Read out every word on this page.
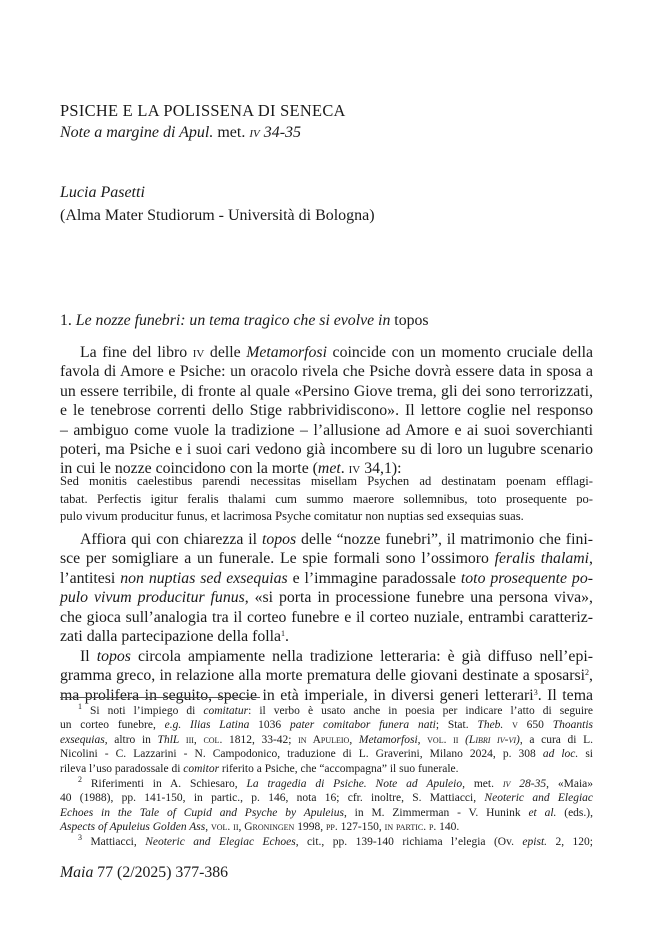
PSICHE E LA POLISSENA DI SENECA
Note a margine di Apul. met. iv 34-35
Lucia Pasetti
(Alma Mater Studiorum - Università di Bologna)
1. Le nozze funebri: un tema tragico che si evolve in topos
La fine del libro iv delle Metamorfosi coincide con un momento cruciale della
favola di Amore e Psiche: un oracolo rivela che Psiche dovrà essere data in sposa a
un essere terribile, di fronte al quale «Persino Giove trema, gli dei sono terrorizzati,
e le tenebrose correnti dello Stige rabbrividiscono». Il lettore coglie nel responso
– ambiguo come vuole la tradizione – l’allusione ad Amore e ai suoi soverchianti
poteri, ma Psiche e i suoi cari vedono già incombere su di loro un lugubre scenario
in cui le nozze coincidono con la morte (met. iv 34,1):
Sed monitis caelestibus parendi necessitas misellam Psychen ad destinatam poenam efflagi-
tabat. Perfectis igitur feralis thalami cum summo maerore sollemnibus, toto prosequente po-
pulo vivum producitur funus, et lacrimosa Psyche comitatur non nuptias sed exsequias suas.
Affiora qui con chiarezza il topos delle “nozze funebri”, il matrimonio che fini-
sce per somigliare a un funerale. Le spie formali sono l’ossimoro feralis thalami,
l’antitesi non nuptias sed exsequias e l’immagine paradossale toto prosequente po-
pulo vivum producitur funus, «si porta in processione funebre una persona viva»,
che gioca sull’analogia tra il corteo funebre e il corteo nuziale, entrambi caratteriz-
zati dalla partecipazione della folla$^1$.
Il topos circola ampiamente nella tradizione letteraria: è già diffuso nell’epi-
gramma greco, in relazione alla morte prematura delle giovani destinate a sposarsi$^2$,
ma prolifera in seguito, specie in età imperiale, in diversi generi letterari$^3$. Il tema
$^1$ Si noti l’impiego di comitatur: il verbo è usato anche in poesia per indicare l’atto di seguire
un corteo funebre, e.g. Ilias Latina 1036 pater comitabor funera nati; Stat. Theb. v 650 Thoantis
exsequias, altro in ThlL iii, col. 1812, 33-42; in Apuleio, Metamorfosi, vol. ii (Libri iv-vi), a cura di L.
Nicolini - C. Lazzarini - N. Campodonico, traduzione di L. Graverini, Milano 2024, p. 308 ad loc. si
rileva l’uso paradossale di comitor riferito a Psiche, che “accompagna” il suo funerale.
$^2$ Riferimenti in A. Schiesaro, La tragedia di Psiche. Note ad Apuleio, met. iv 28-35, «Maia»
40 (1988), pp. 141-150, in partic., p. 146, nota 16; cfr. inoltre, S. Mattiacci, Neoteric and Elegiac
Echoes in the Tale of Cupid and Psyche by Apuleius, in M. Zimmerman - V. Hunink et al. (eds.),
Aspects of Apuleius Golden Ass, vol. ii, Groningen 1998, pp. 127-150, in partic. p. 140.
$^3$ Mattiacci, Neoteric and Elegiac Echoes, cit., pp. 139-140 richiama l’elegia (Ov. epist. 2, 120;
Maia 77 (2/2025) 377-386
